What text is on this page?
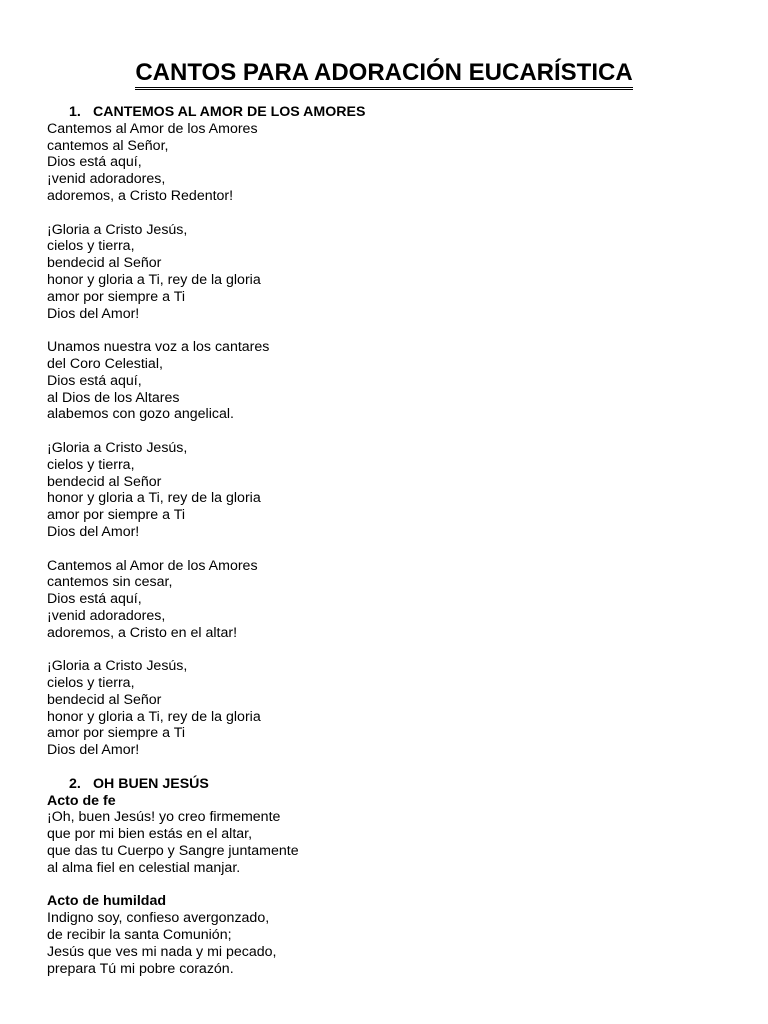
CANTOS PARA ADORACIÓN EUCARÍSTICA
1. CANTEMOS AL AMOR DE LOS AMORES
Cantemos al Amor de los Amores
cantemos al Señor,
Dios está aquí,
¡venid adoradores,
adoremos, a Cristo Redentor!
¡Gloria a Cristo Jesús,
cielos y tierra,
bendecid al Señor
honor y gloria a Ti, rey de la gloria
amor por siempre a Ti
Dios del Amor!
Unamos nuestra voz a los cantares
del Coro Celestial,
Dios está aquí,
al Dios de los Altares
alabemos con gozo angelical.
¡Gloria a Cristo Jesús,
cielos y tierra,
bendecid al Señor
honor y gloria a Ti, rey de la gloria
amor por siempre a Ti
Dios del Amor!
Cantemos al Amor de los Amores
cantemos sin cesar,
Dios está aquí,
¡venid adoradores,
adoremos, a Cristo en el altar!
¡Gloria a Cristo Jesús,
cielos y tierra,
bendecid al Señor
honor y gloria a Ti, rey de la gloria
amor por siempre a Ti
Dios del Amor!
2. OH BUEN JESÚS
Acto de fe
¡Oh, buen Jesús! yo creo firmemente
que por mi bien estás en el altar,
que das tu Cuerpo y Sangre juntamente
al alma fiel en celestial manjar.
Acto de humildad
Indigno soy, confieso avergonzado,
de recibir la santa Comunión;
Jesús que ves mi nada y mi pecado,
prepara Tú mi pobre corazón.
